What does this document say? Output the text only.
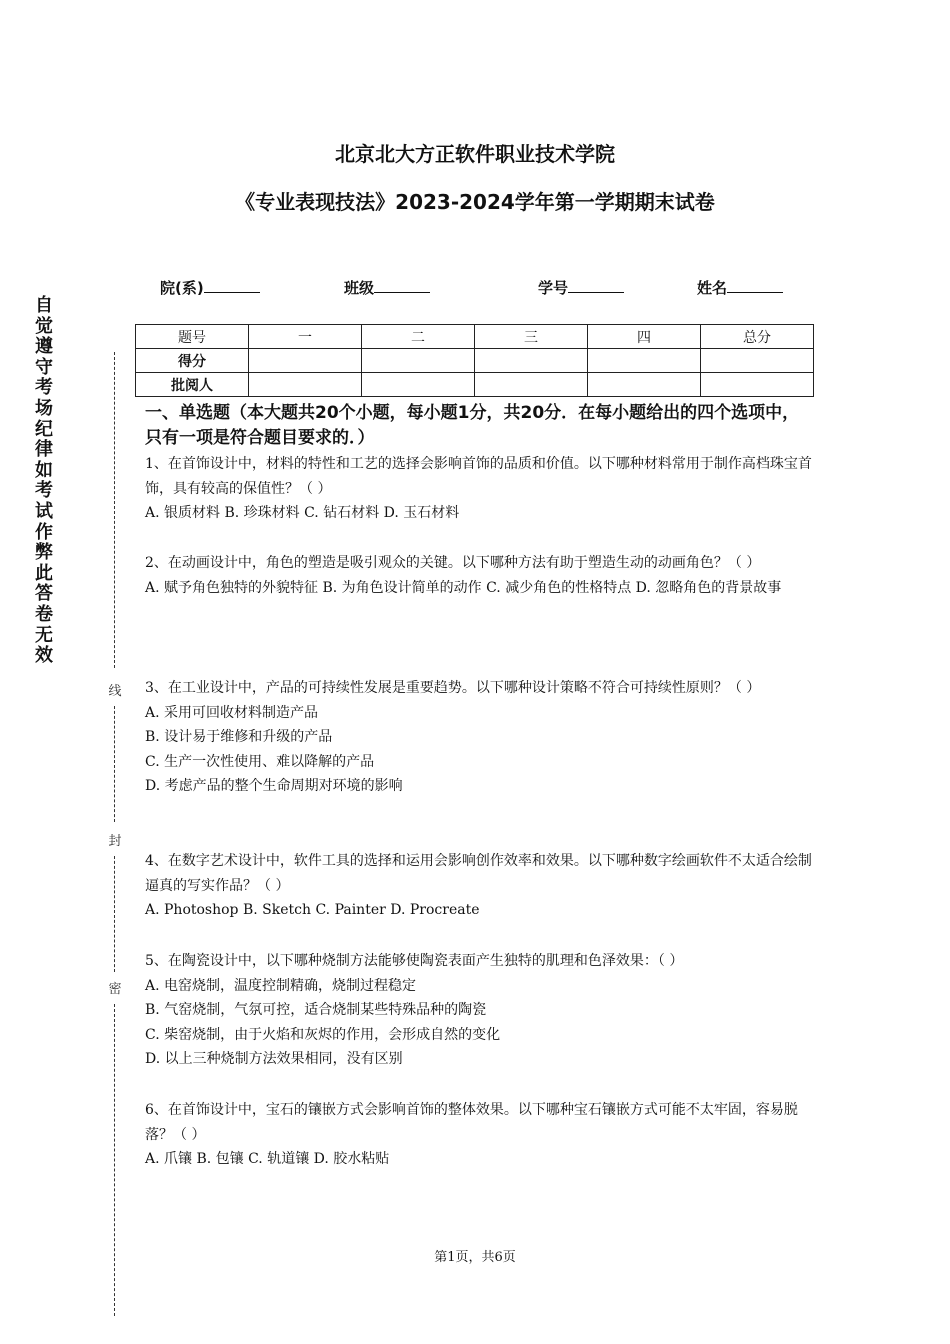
北京北大方正软件职业技术学院
《专业表现技法》2023-2024学年第一学期期末试卷
院(系)	班级	学号	姓名
自觉遵守考场纪律如考试作弊此答卷无效
线
封
密
题号	一	二	三	四	总分
得分					
批阅人					
一、单选题（本大题共20个小题，每小题1分，共20分．在每小题给出的四个选项中，只有一项是符合题目要求的．）

1、在首饰设计中，材料的特性和工艺的选择会影响首饰的品质和价值。以下哪种材料常用于制作高档珠宝首饰，具有较高的保值性？（ ）

A. 银质材料 B. 珍珠材料 C. 钻石材料 D. 玉石材料

2、在动画设计中，角色的塑造是吸引观众的关键。以下哪种方法有助于塑造生动的动画角色？（ ）

A. 赋予角色独特的外貌特征 B. 为角色设计简单的动作 C. 减少角色的性格特点 D. 忽略角色的背景故事

3、在工业设计中，产品的可持续性发展是重要趋势。以下哪种设计策略不符合可持续性原则？（ ）

A. 采用可回收材料制造产品

B. 设计易于维修和升级的产品

C. 生产一次性使用、难以降解的产品

D. 考虑产品的整个生命周期对环境的影响

4、在数字艺术设计中，软件工具的选择和运用会影响创作效率和效果。以下哪种数字绘画软件不太适合绘制逼真的写实作品？（ ）

A. Photoshop B. Sketch C. Painter D. Procreate

5、在陶瓷设计中，以下哪种烧制方法能够使陶瓷表面产生独特的肌理和色泽效果：（ ）

A. 电窑烧制，温度控制精确，烧制过程稳定

B. 气窑烧制，气氛可控，适合烧制某些特殊品种的陶瓷

C. 柴窑烧制，由于火焰和灰烬的作用，会形成自然的变化

D. 以上三种烧制方法效果相同，没有区别

6、在首饰设计中，宝石的镶嵌方式会影响首饰的整体效果。以下哪种宝石镶嵌方式可能不太牢固，容易脱落？（ ）

A. 爪镶 B. 包镶 C. 轨道镶 D. 胶水粘贴

第1页，共6页
